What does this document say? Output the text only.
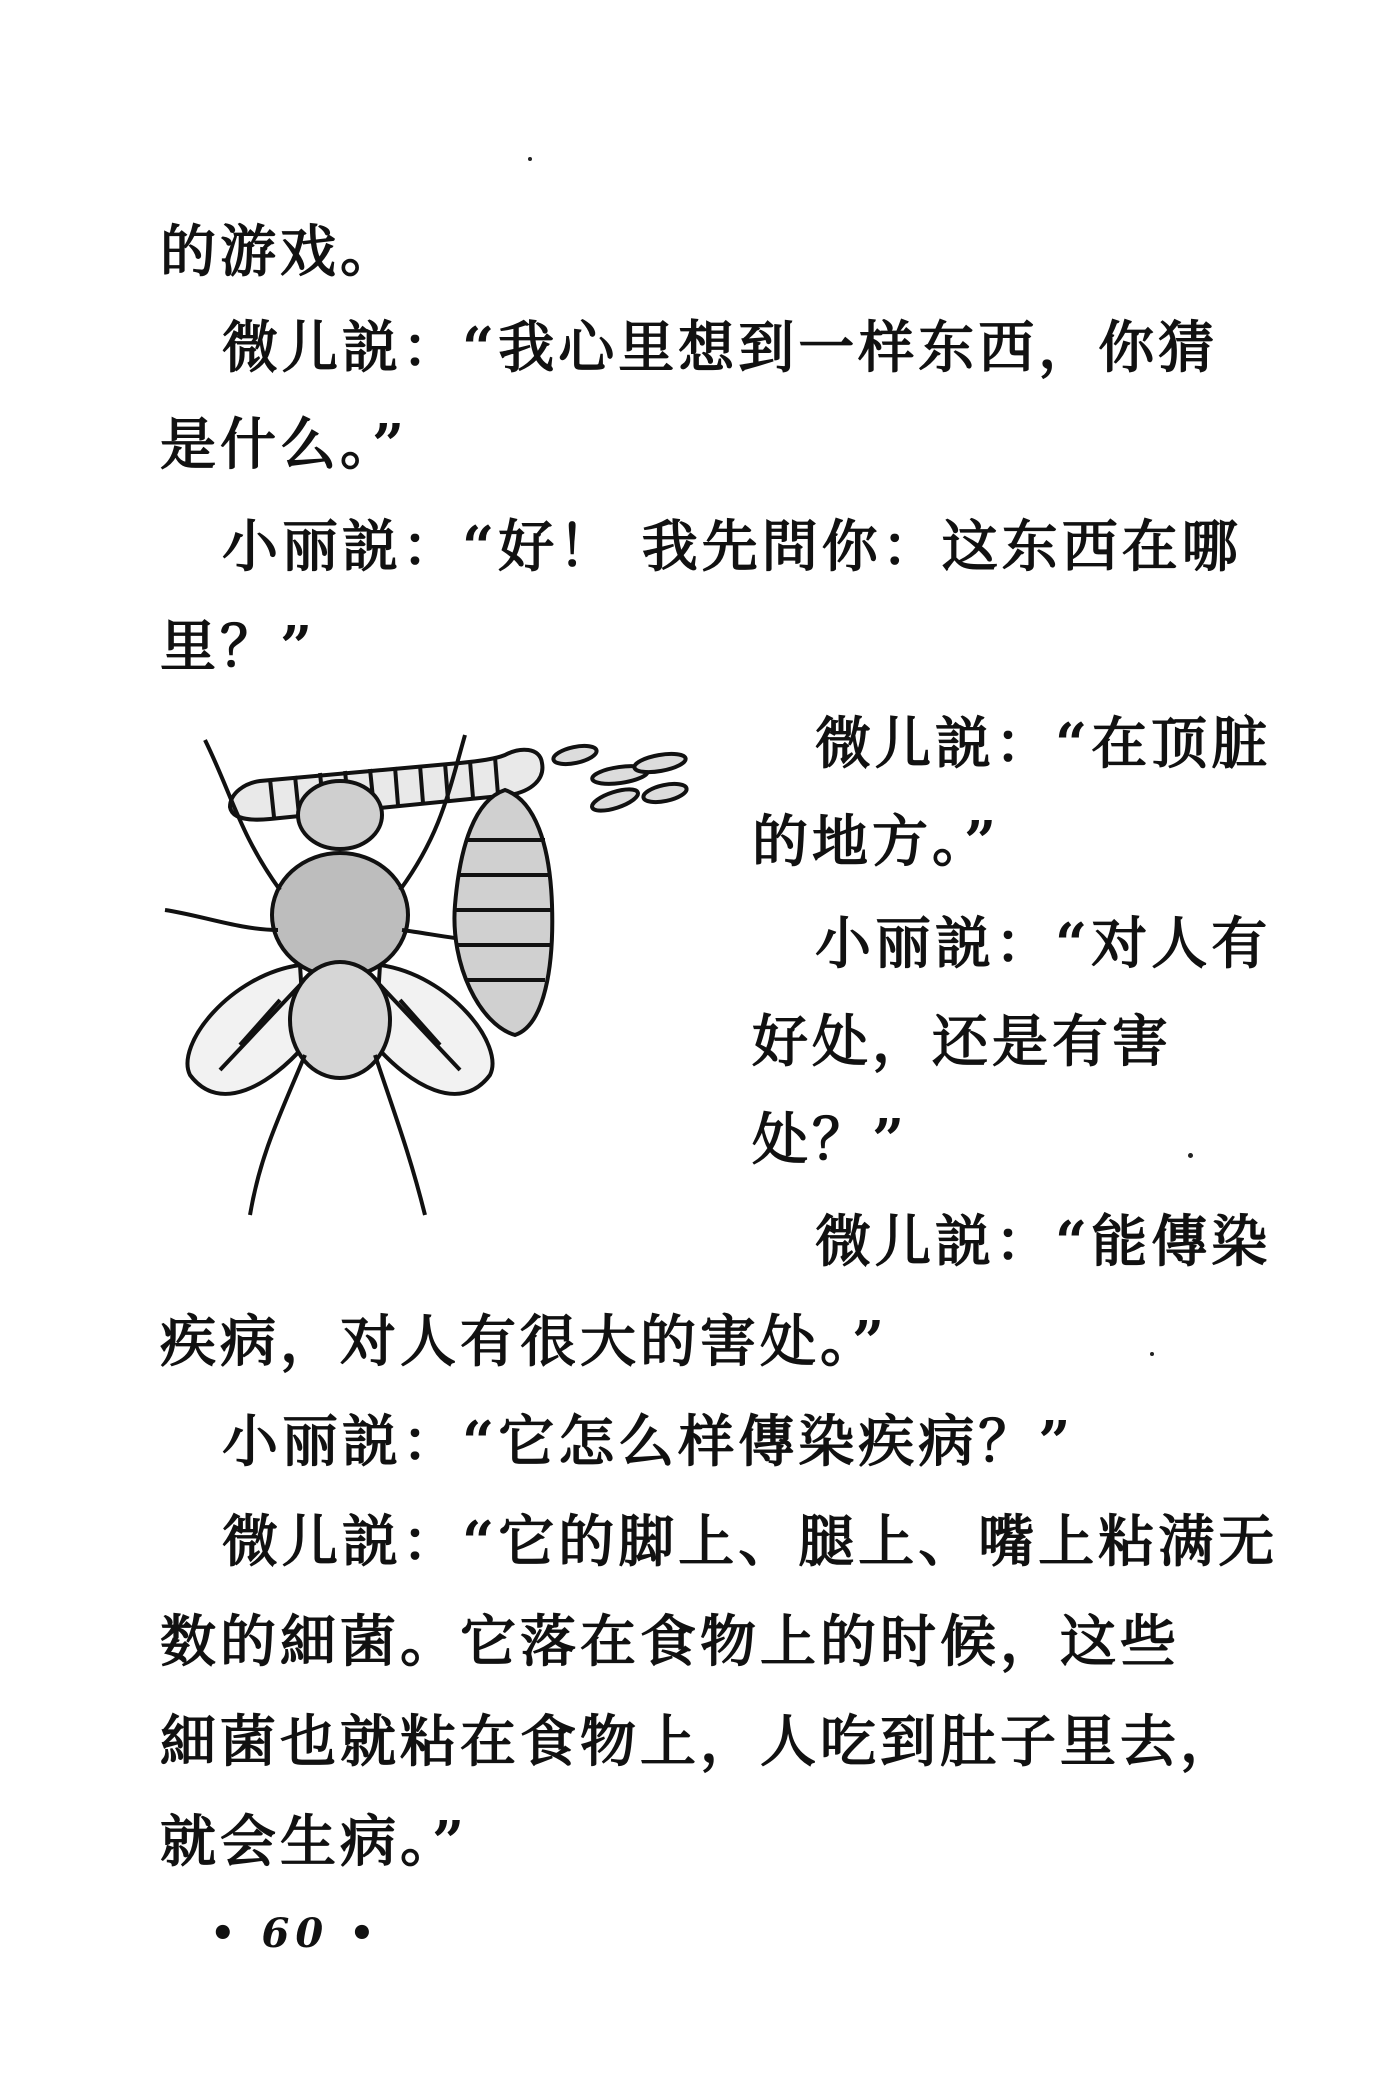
的游戏。
微儿説：“我心里想到一样东西，你猜
是什么。”
小丽説：“好！ 我先問你：这东西在哪
里？”
微儿説：“在顶脏
的地方。”
小丽説：“对人有
好处，还是有害
处？”
微儿説：“能傳染
疾病，对人有很大的害处。”
小丽説：“它怎么样傳染疾病？”
微儿説：“它的脚上、腿上、嘴上粘满无
数的細菌。它落在食物上的时候，这些
細菌也就粘在食物上，人吃到肚子里去，
就会生病。”
• 60 •
